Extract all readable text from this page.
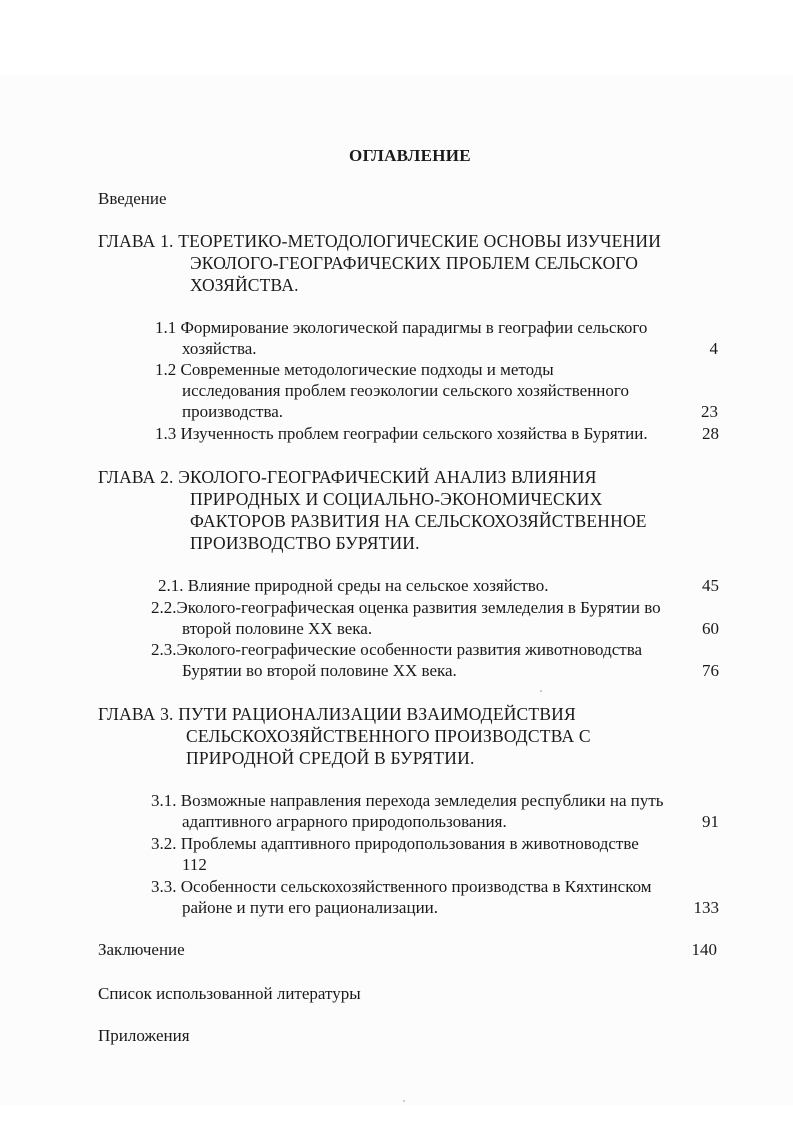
ОГЛАВЛЕНИЕ
Введение
ГЛАВА 1. ТЕОРЕТИКО-МЕТОДОЛОГИЧЕСКИЕ ОСНОВЫ ИЗУЧЕНИИ
ЭКОЛОГО-ГЕОГРАФИЧЕСКИХ ПРОБЛЕМ СЕЛЬСКОГО
ХОЗЯЙСТВА.
1.1 Формирование экологической парадигмы в географии сельского
хозяйства.	4
1.2 Современные методологические подходы и методы
исследования проблем геоэкологии сельского хозяйственного
производства.	23
1.3 Изученность проблем географии сельского хозяйства в Бурятии.	28
ГЛАВА 2. ЭКОЛОГО-ГЕОГРАФИЧЕСКИЙ АНАЛИЗ ВЛИЯНИЯ
ПРИРОДНЫХ И СОЦИАЛЬНО-ЭКОНОМИЧЕСКИХ
ФАКТОРОВ РАЗВИТИЯ НА СЕЛЬСКОХОЗЯЙСТВЕННОЕ
ПРОИЗВОДСТВО БУРЯТИИ.
2.1. Влияние природной среды на сельское хозяйство.	45
2.2.Эколого-географическая оценка развития земледелия в Бурятии во
второй половине XX века.	60
2.3.Эколого-географические особенности развития животноводства
Бурятии во второй половине XX века.	76
ГЛАВА 3. ПУТИ РАЦИОНАЛИЗАЦИИ ВЗАИМОДЕЙСТВИЯ
СЕЛЬСКОХОЗЯЙСТВЕННОГО ПРОИЗВОДСТВА С
ПРИРОДНОЙ СРЕДОЙ В БУРЯТИИ.
3.1. Возможные направления перехода земледелия республики на путь
адаптивного аграрного природопользования.	91
3.2. Проблемы адаптивного природопользования в животноводстве
112
3.3. Особенности сельскохозяйственного производства в Кяхтинском
районе и пути его рационализации.	133
Заключение	140
Список использованной литературы
Приложения
